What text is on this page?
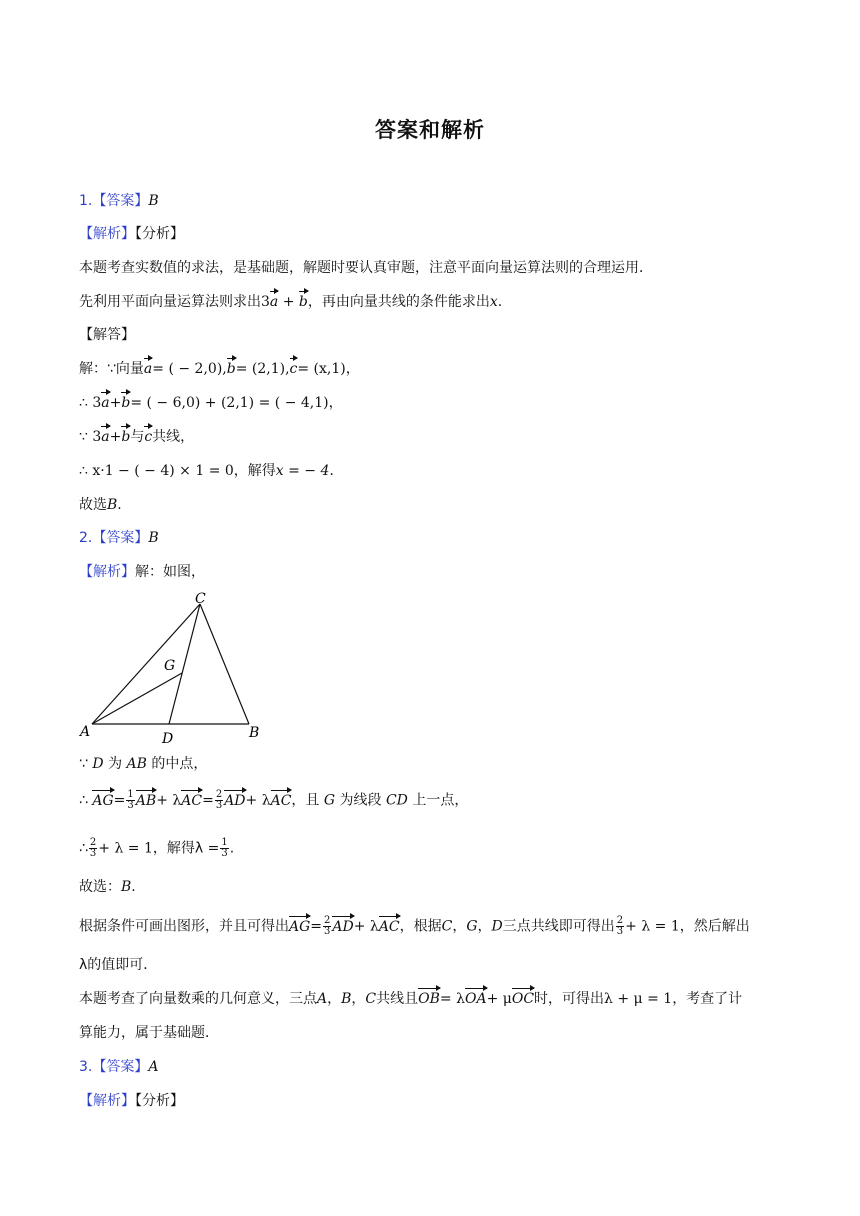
答案和解析
1.【答案】B
【解析】【分析】
本题考查实数值的求法，是基础题，解题时要认真审题，注意平面向量运算法则的合理运用．
先利用平面向量运算法则求出3a + b，再由向量共线的条件能求出x.
【解答】
解：∵向量a= ( − 2,0),b= (2,1),c= (x,1)，
∴ 3a+b= ( − 6,0) + (2,1) = ( − 4,1)，
∵ 3a+b与c共线，
∴ x·1 − ( − 4) × 1 = 0，解得x = − 4.
故选B.
2.【答案】B
【解析】解：如图，
C
G
A	D	B
∵ D 为 AB 的中点，
∴ $AG= \frac{1}{3} AB+ \lambda AC= \frac{2}{3} AD+ \lambda AC$，且 G 为线段 CD 上一点，
∴ $\frac{2}{3} + \lambda = 1$，解得$\lambda = \frac{1}{3}$ .
故选：B.
根据条件可画出图形，并且可得出$AG= \frac{2}{3} AD+ \lambda AC$，根据C，G，D三点共线即可得出 $\frac{2}{3} + \lambda = 1$，然后解出
λ的值即可．
本题考查了向量数乘的几何意义，三点A，B，C共线且OB= λOA+ μOC时，可得出λ + μ = 1，考查了计
算能力，属于基础题．
3.【答案】A
【解析】【分析】
